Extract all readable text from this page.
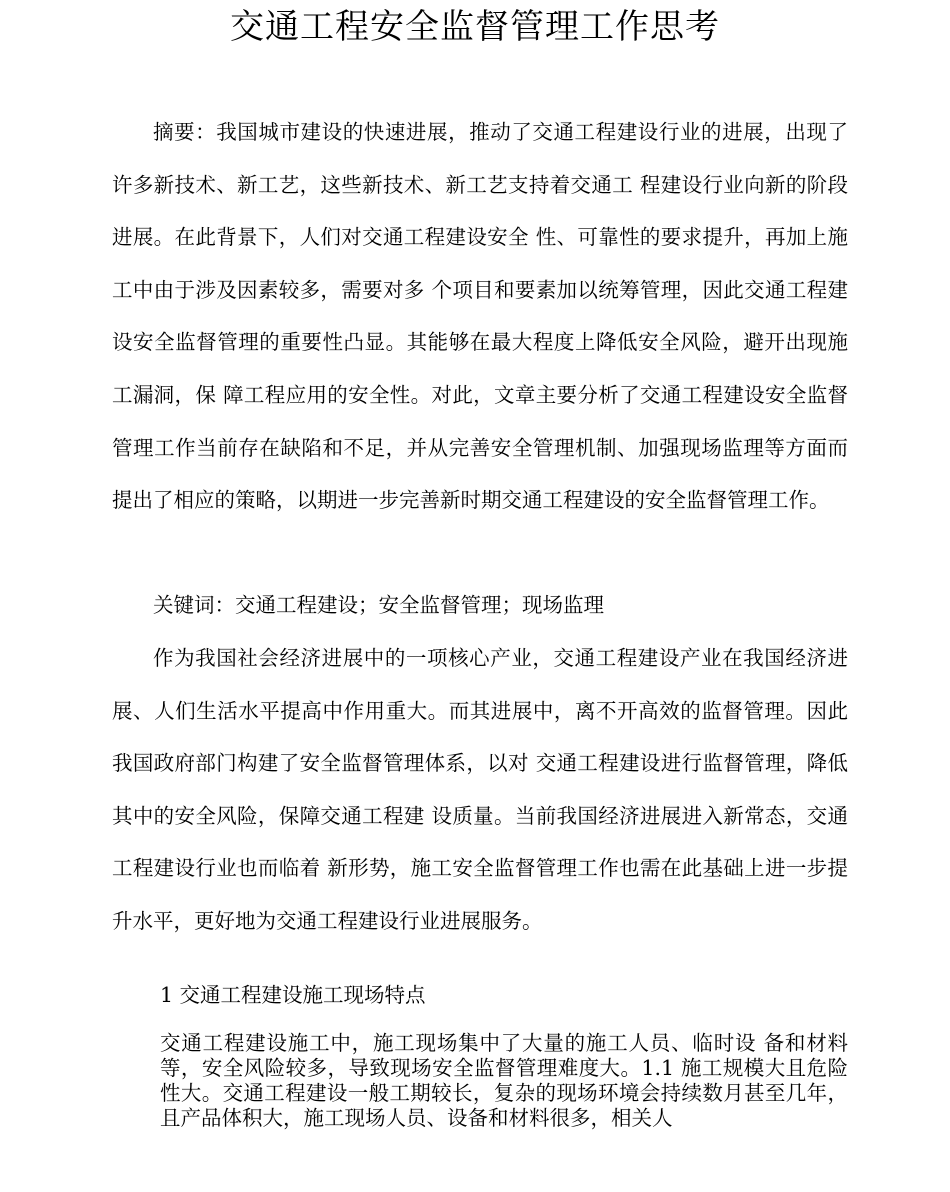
交通工程安全监督管理工作思考

摘要：我国城市建设的快速进展，推动了交通工程建设行业的进展，出现了许多新技术、新工艺，这些新技术、新工艺支持着交通工 程建设行业向新的阶段进展。在此背景下，人们对交通工程建设安全 性、可靠性的要求提升，再加上施工中由于涉及因素较多，需要对多 个项目和要素加以统筹管理，因此交通工程建设安全监督管理的重要性凸显。其能够在最大程度上降低安全风险，避开出现施工漏洞，保 障工程应用的安全性。对此，文章主要分析了交通工程建设安全监督管理工作当前存在缺陷和不足，并从完善安全管理机制、加强现场监理等方面而提出了相应的策略，以期进一步完善新时期交通工程建设的安全监督管理工作。

关键词：交通工程建设；安全监督管理；现场监理

作为我国社会经济进展中的一项核心产业，交通工程建设产业在我国经济进展、人们生活水平提高中作用重大。而其进展中，离不开高效的监督管理。因此我国政府部门构建了安全监督管理体系，以对 交通工程建设进行监督管理，降低其中的安全风险，保障交通工程建 设质量。当前我国经济进展进入新常态，交通工程建设行业也而临着 新形势，施工安全监督管理工作也需在此基础上进一步提升水平，更好地为交通工程建设行业进展服务。

1 交通工程建设施工现场特点
交通工程建设施工中，施工现场集中了大量的施工人员、临时设 备和材料等，安全风险较多，导致现场安全监督管理难度大。1.1 施工规模大且危险性大。交通工程建设一般工期较长，复杂的现场环境会持续数月甚至几年，且产品体积大，施工现场人员、设备和材料很多，相关人
